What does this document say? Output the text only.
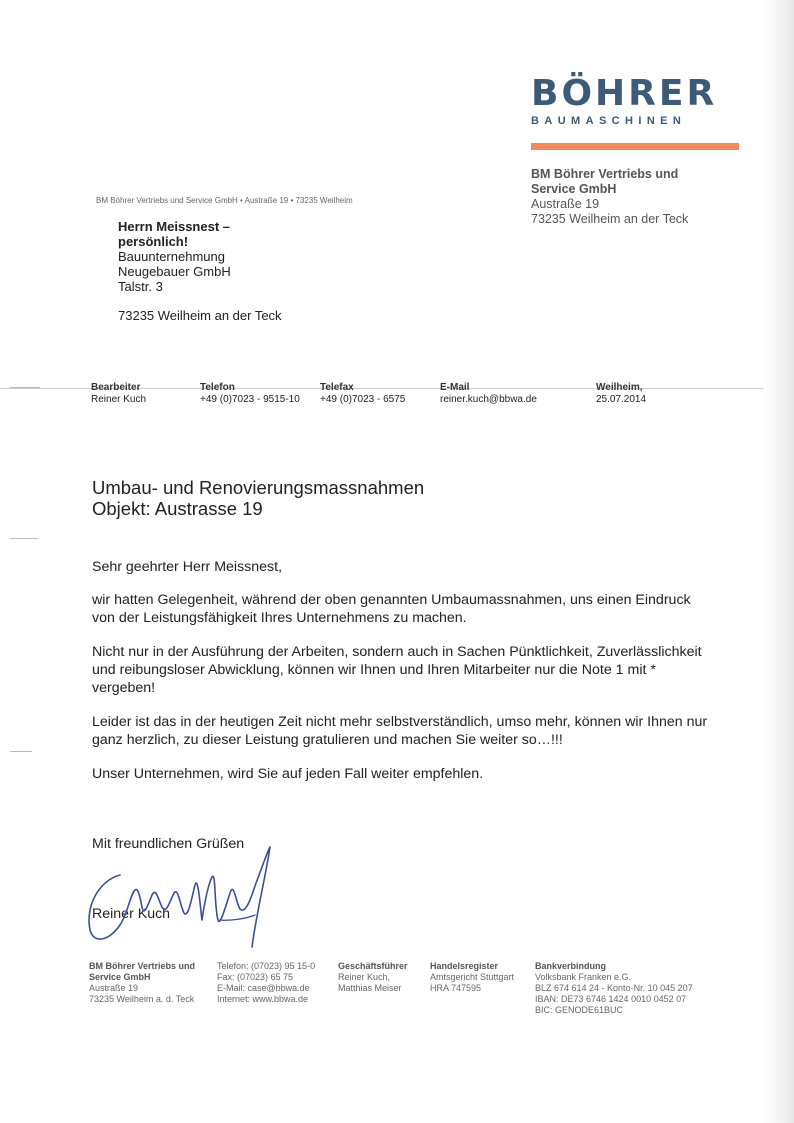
BÖHRER
BAUMASCHINEN
BM Böhrer Vertriebs und
Service GmbH
Austraße 19
73235 Weilheim an der Teck
BM Böhrer Vertriebs und Service GmbH • Austraße 19 • 73235 Weilheim
Herrn Meissnest –
persönlich!
Bauunternehmung
Neugebauer GmbH
Talstr. 3
73235 Weilheim an der Teck
Bearbeiter
Reiner Kuch
Telefon
+49 (0)7023 - 9515-10
Telefax
+49 (0)7023 - 6575
E-Mail
reiner.kuch@bbwa.de
Weilheim,
25.07.2014
Umbau- und Renovierungsmassnahmen
Objekt: Austrasse 19

Sehr geehrter Herr Meissnest,

wir hatten Gelegenheit, während der oben genannten Umbaumassnahmen, uns einen Eindruck von der Leistungsfähigkeit Ihres Unternehmens zu machen.

Nicht nur in der Ausführung der Arbeiten, sondern auch in Sachen Pünktlichkeit, Zuverlässlichkeit und reibungsloser Abwicklung, können wir Ihnen und Ihren Mitarbeiter nur die Note 1 mit * vergeben!

Leider ist das in der heutigen Zeit nicht mehr selbstverständlich, umso mehr, können wir Ihnen nur ganz herzlich, zu dieser Leistung gratulieren und machen Sie weiter so…!!!

Unser Unternehmen, wird Sie auf jeden Fall weiter empfehlen.

Mit freundlichen Grüßen
Reiner Kuch
BM Böhrer Vertriebs und
Service GmbH
Austraße 19
73235 Weilheim a. d. Teck
Telefon: (07023) 95 15-0
Fax: (07023) 65 75
E-Mail: case@bbwa.de
Internet: www.bbwa.de
Geschäftsführer
Reiner Kuch,
Matthias Meiser
Handelsregister
Amtsgericht Stuttgart
HRA 747595
Bankverbindung
Volksbank Franken e.G.
BLZ 674 614 24 - Konto-Nr. 10 045 207
IBAN: DE73 6746 1424 0010 0452 07
BIC: GENODE61BUC
